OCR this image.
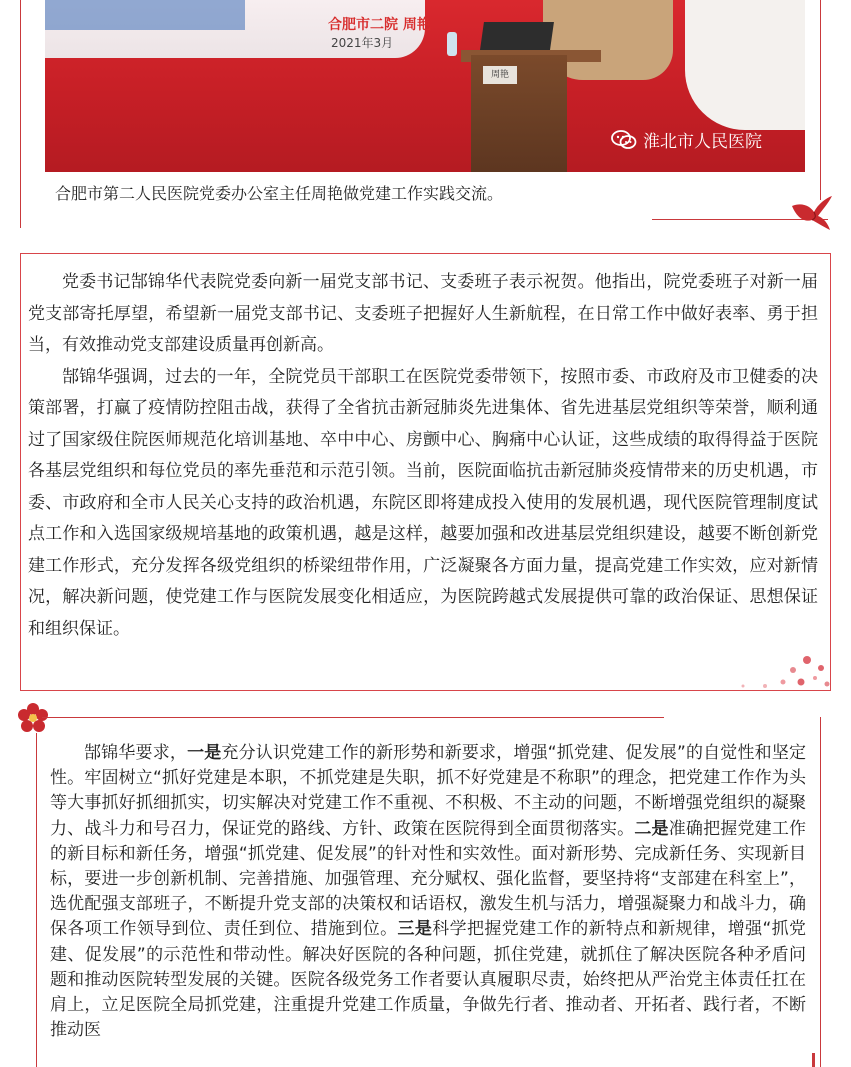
合肥市二院 周艳
2021年3月
周艳
淮北市人民医院
合肥市第二人民医院党委办公室主任周艳做党建工作实践交流。

党委书记郜锦华代表院党委向新一届党支部书记、支委班子表示祝贺。他指出，院党委班子对新一届党支部寄托厚望，希望新一届党支部书记、支委班子把握好人生新航程，在日常工作中做好表率、勇于担当，有效推动党支部建设质量再创新高。

郜锦华强调，过去的一年，全院党员干部职工在医院党委带领下，按照市委、市政府及市卫健委的决策部署，打赢了疫情防控阻击战，获得了全省抗击新冠肺炎先进集体、省先进基层党组织等荣誉，顺利通过了国家级住院医师规范化培训基地、卒中中心、房颤中心、胸痛中心认证，这些成绩的取得得益于医院各基层党组织和每位党员的率先垂范和示范引领。当前，医院面临抗击新冠肺炎疫情带来的历史机遇，市委、市政府和全市人民关心支持的政治机遇，东院区即将建成投入使用的发展机遇，现代医院管理制度试点工作和入选国家级规培基地的政策机遇，越是这样，越要加强和改进基层党组织建设，越要不断创新党建工作形式，充分发挥各级党组织的桥梁纽带作用，广泛凝聚各方面力量，提高党建工作实效，应对新情况，解决新问题，使党建工作与医院发展变化相适应，为医院跨越式发展提供可靠的政治保证、思想保证和组织保证。

郜锦华要求，一是充分认识党建工作的新形势和新要求，增强“抓党建、促发展”的自觉性和坚定性。牢固树立“抓好党建是本职，不抓党建是失职，抓不好党建是不称职”的理念，把党建工作作为头等大事抓好抓细抓实，切实解决对党建工作不重视、不积极、不主动的问题，不断增强党组织的凝聚力、战斗力和号召力，保证党的路线、方针、政策在医院得到全面贯彻落实。二是准确把握党建工作的新目标和新任务，增强“抓党建、促发展”的针对性和实效性。面对新形势、完成新任务、实现新目标，要进一步创新机制、完善措施、加强管理、充分赋权、强化监督，要坚持将“支部建在科室上”，选优配强支部班子，不断提升党支部的决策权和话语权，激发生机与活力，增强凝聚力和战斗力，确保各项工作领导到位、责任到位、措施到位。三是科学把握党建工作的新特点和新规律，增强“抓党建、促发展”的示范性和带动性。解决好医院的各种问题，抓住党建，就抓住了解决医院各种矛盾问题和推动医院转型发展的关键。医院各级党务工作者要认真履职尽责，始终把从严治党主体责任扛在肩上，立足医院全局抓党建，注重提升党建工作质量，争做先行者、推动者、开拓者、践行者，不断推动医
